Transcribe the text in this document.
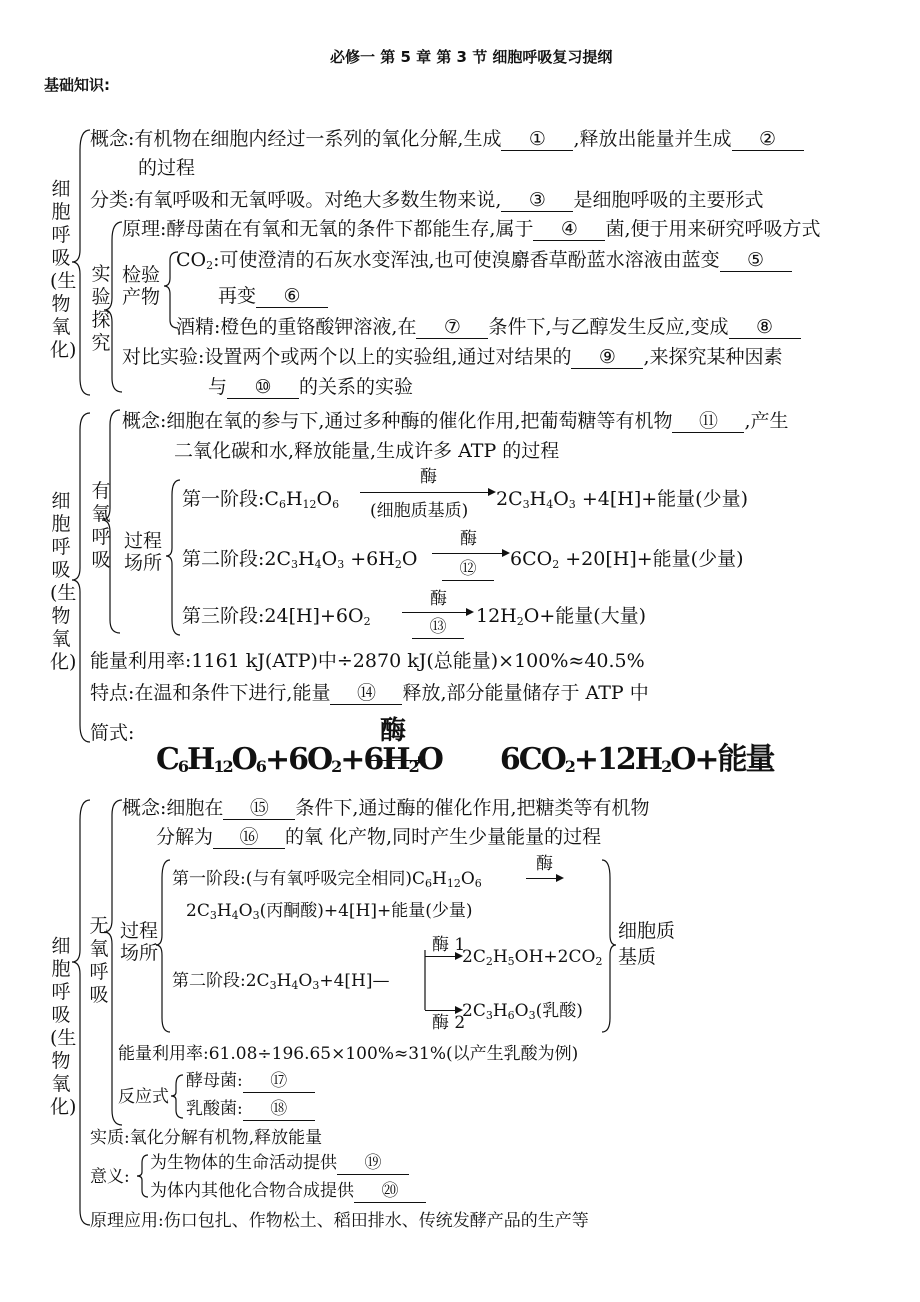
必修一 第 5 章 第 3 节 细胞呼吸复习提纲
基础知识:
细胞呼吸(生物氧化)
概念:有机物在细胞内经过一系列的氧化分解,生成 ① ,释放出能量并生成 ②
的过程
分类:有氧呼吸和无氧呼吸。对绝大多数生物来说, ③ 是细胞呼吸的主要形式
实验探究
原理:酵母菌在有氧和无氧的条件下都能生存,属于 ④ 菌,便于用来研究呼吸方式
检验产物
$CO_2$:可使澄清的石灰水变浑浊,也可使溴麝香草酚蓝水溶液由蓝变 ⑤
再变 ⑥
酒精:橙色的重铬酸钾溶液,在 ⑦ 条件下,与乙醇发生反应,变成 ⑧
对比实验:设置两个或两个以上的实验组,通过对结果的 ⑨ ,来探究某种因素
与 ⑩ 的关系的实验
细胞呼吸(生物氧化)
有氧呼吸
概念:细胞在氧的参与下,通过多种酶的催化作用,把葡萄糖等有机物 ⑪ ,产生
二氧化碳和水,释放能量,生成许多 ATP 的过程
过程场所
第一阶段$:C_6H_{12}O_6$
酶
(细胞质基质)
$2C_3H_4O_3 +4[H]+$能量(少量)
第二阶段$:2C_3H_4O_3 +6H_2O$
酶
⑫	$6CO_2 +20[H]+$能量(少量)
第三阶段$:24[H]+6O_2$
酶
⑬	$12H_2O+$能量(大量)
能量利用率:1161 kJ(ATP)中÷2870 kJ(总能量)×100%≈40.5%
特点:在温和条件下进行,能量 ⑭ 释放,部分能量储存于 ATP 中
简式:	酶
$C_6H_{12}O_6+6O_2+6H_2O$ $6CO_2+12H_2O+$能量
细胞呼吸(生物氧化)
无氧呼吸
概念:细胞在 ⑮ 条件下,通过酶的催化作用,把糖类等有机物
分解为 ⑯ 的氧 化产物,同时产生少量能量的过程
过程场所
第一阶段:(与有氧呼吸完全相同)$C_6H_{12}O_6$
酶
$2C_3H_4O_3$(丙酮酸)+4[H]+能量(少量)
第二阶段$:2C_3H_4O_3+4[H]—$
酶 1
→ $2C_2H_5OH+2CO_2$
酶 2
$2C_3H_6O_3$(乳酸)
细胞质基质
能量利用率:61.08÷196.65×100%≈31%(以产生乳酸为例)
反应式
酵母菌: ⑰
乳酸菌: ⑱
实质:氧化分解有机物,释放能量
意义:
为生物体的生命活动提供 ⑲
为体内其他化合物合成提供 ⑳
原理应用:伤口包扎、作物松土、稻田排水、传统发酵产品的生产等
